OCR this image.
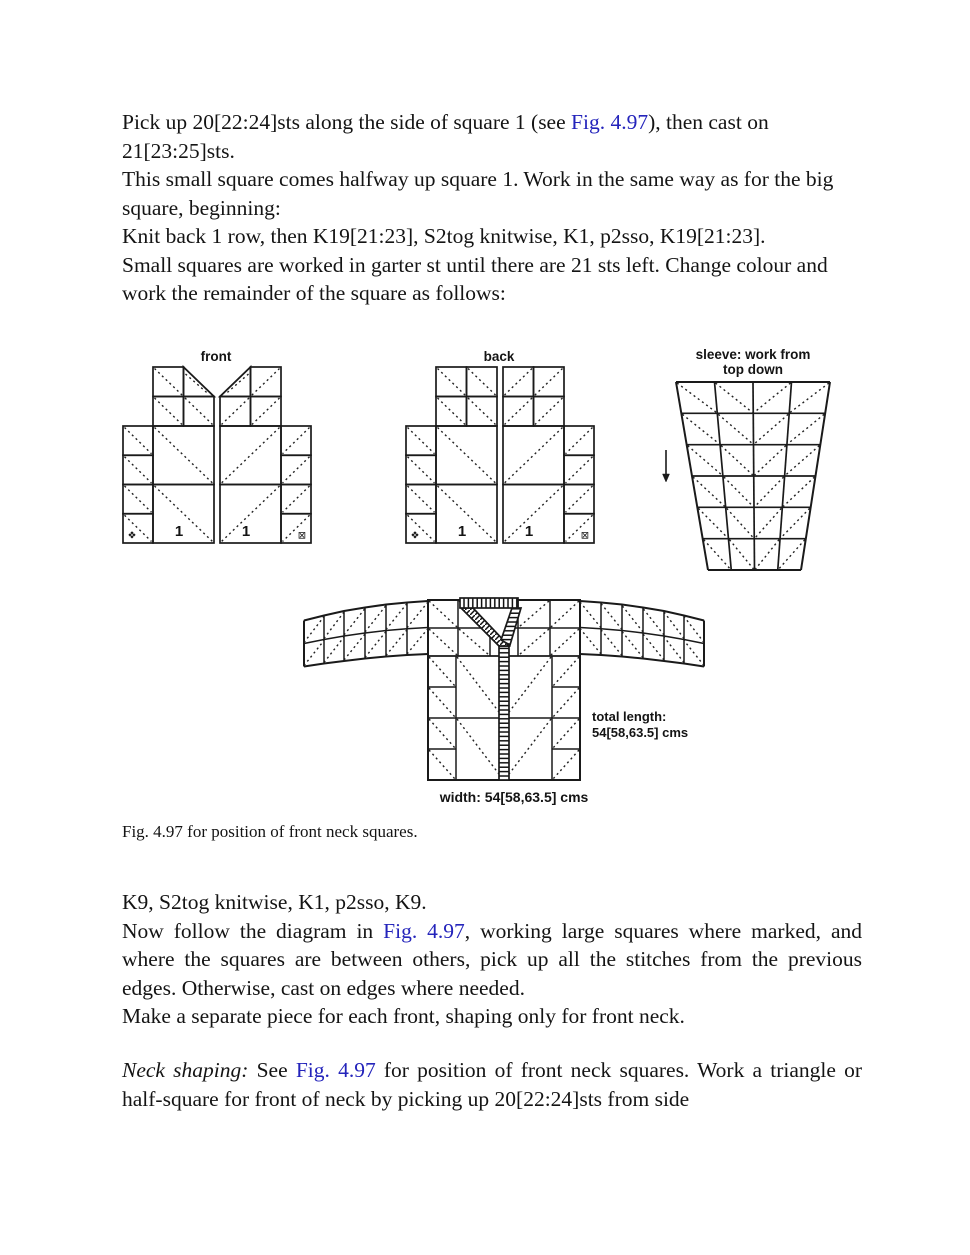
Pick up 20[22:24]sts along the side of square 1 (see Fig. 4.97), then cast on 21[23:25]sts.

This small square comes halfway up square 1. Work in the same way as for the big square, beginning:

Knit back 1 row, then K19[21:23], S2tog knitwise, K1, p2sso, K19[21:23].

Small squares are worked in garter st until there are 21 sts left. Change colour and work the remainder of the square as follows:

front
1
❖	1	⊠
back
1
❖	1	⊠
sleeve: work from
top down
total length:
54[58,63.5] cms
width: 54[58,63.5] cms
Fig. 4.97 for position of front neck squares.

K9, S2tog knitwise, K1, p2sso, K9.

Now follow the diagram in Fig. 4.97, working large squares where marked, and where the squares are between others, pick up all the stitches from the previous edges. Otherwise, cast on edges where needed.

Make a separate piece for each front, shaping only for front neck.

Neck shaping: See Fig. 4.97 for position of front neck squares. Work a triangle or half-square for front of neck by picking up 20[22:24]sts from side
